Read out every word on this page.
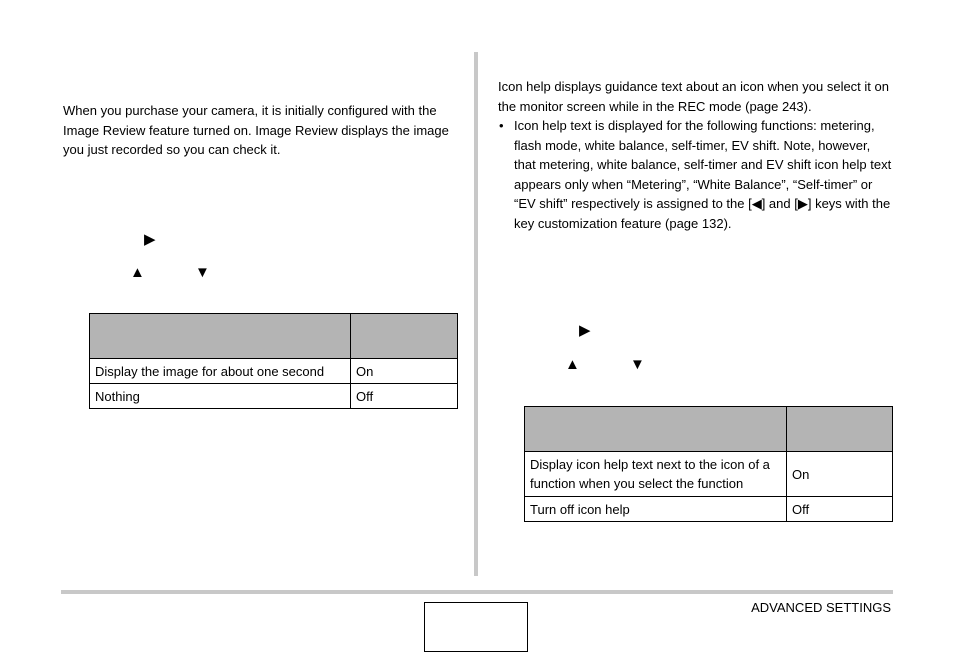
When you purchase your camera, it is initially configured with the Image Review feature turned on. Image Review displays the image you just recorded so you can check it.
▶
▲	▼

Display the image for about one second	On
Nothing	Off
Icon help displays guidance text about an icon when you select it on the monitor screen while in the REC mode (page 243).
• Icon help text is displayed for the following functions: metering, flash mode, white balance, self-timer, EV shift. Note, however, that metering, white balance, self-timer and EV shift icon help text appears only when “Metering”, “White Balance”, “Self-timer” or “EV shift” respectively is assigned to the [◀] and [▶] keys with the key customization feature (page 132).
▶
▲	▼

Display icon help text next to the icon of a function when you select the function	On
Turn off icon help	Off
ADVANCED SETTINGS
